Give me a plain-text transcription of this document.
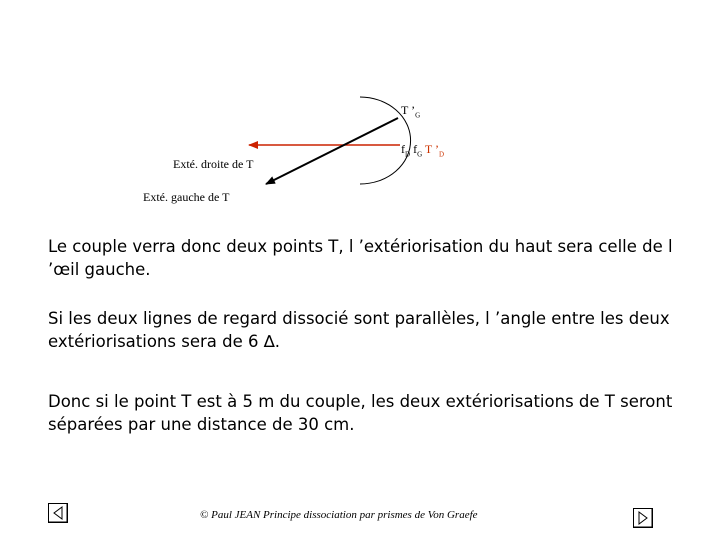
T $’_G$
$f_D$ $f_G$ T $’_D$
Exté. droite de T
Exté. gauche de T
Le couple verra donc deux points T, l ’extériorisation du haut sera celle de l ’œil gauche.
Si les deux lignes de regard dissocié sont parallèles, l ’angle entre les deux extériorisations sera de 6 ∆.
Donc si le point T est à 5 m du couple, les deux extériorisations de T seront séparées par une distance de 30 cm.
© Paul JEAN Principe dissociation par prismes de Von Graefe
